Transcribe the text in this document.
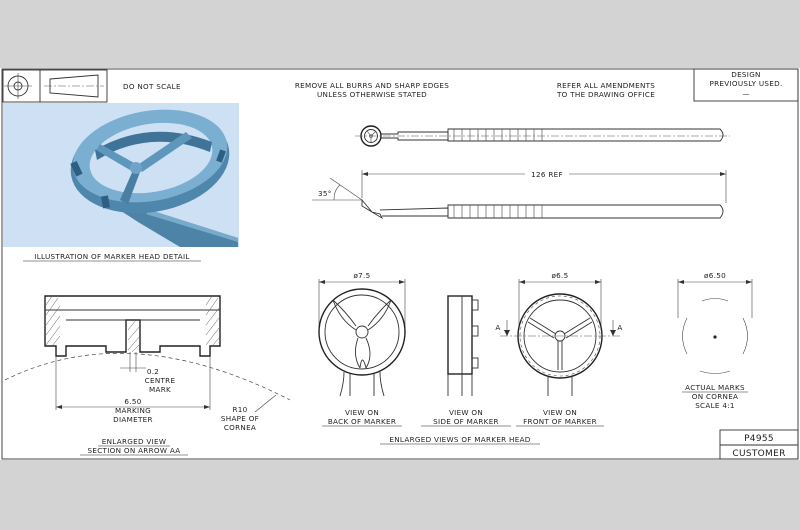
DO NOT SCALE	REMOVE ALL BURRS AND SHARP EDGES
UNLESS OTHERWISE STATED
REFER ALL AMENDMENTS
TO THE DRAWING OFFICE
DESIGN
PREVIOUSLY USED.
—
ILLUSTRATION OF MARKER HEAD DETAIL
35°
126 REF
0.2
CENTRE
MARK
6.50
MARKING
DIAMETER
R10
SHAPE OF
CORNEA
ENLARGED VIEW
SECTION ON ARROW AA
ø7.5
VIEW ON
BACK OF MARKER
VIEW ON
SIDE OF MARKER
ø6.5
A	A
VIEW ON
FRONT OF MARKER
ø6.50
ACTUAL MARKS
ON CORNEA
SCALE 4:1
ENLARGED VIEWS OF MARKER HEAD	P4955
CUSTOMER
